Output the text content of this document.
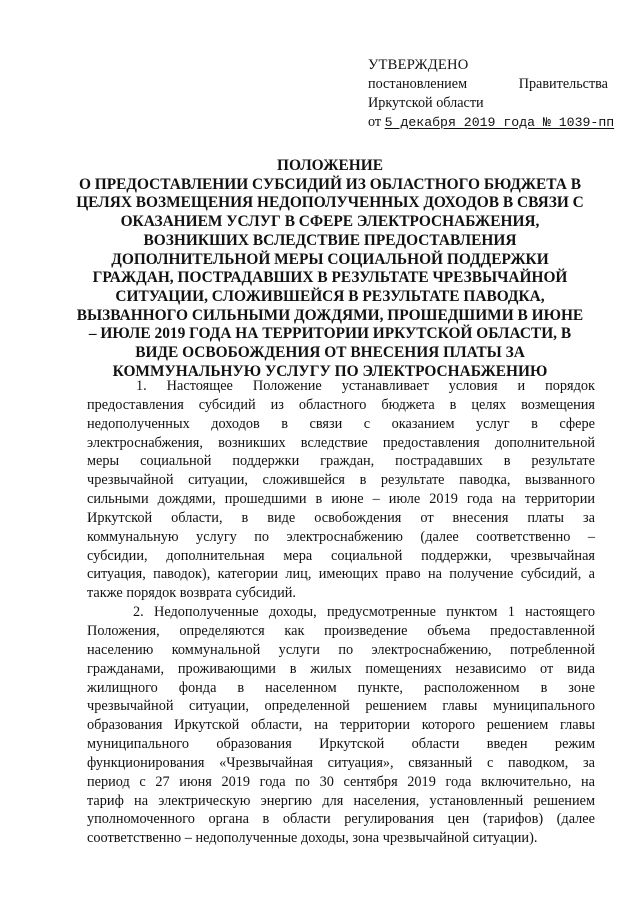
УТВЕРЖДЕНО
постановлением	Правительства
Иркутской области
от 5 декабря 2019 года № 1039-пп
ПОЛОЖЕНИЕ
О ПРЕДОСТАВЛЕНИИ СУБСИДИЙ ИЗ ОБЛАСТНОГО БЮДЖЕТА В
ЦЕЛЯХ ВОЗМЕЩЕНИЯ НЕДОПОЛУЧЕННЫХ ДОХОДОВ В СВЯЗИ С
ОКАЗАНИЕМ УСЛУГ В СФЕРЕ ЭЛЕКТРОСНАБЖЕНИЯ,
ВОЗНИКШИХ ВСЛЕДСТВИЕ ПРЕДОСТАВЛЕНИЯ
ДОПОЛНИТЕЛЬНОЙ МЕРЫ СОЦИАЛЬНОЙ ПОДДЕРЖКИ
ГРАЖДАН, ПОСТРАДАВШИХ В РЕЗУЛЬТАТЕ ЧРЕЗВЫЧАЙНОЙ
СИТУАЦИИ, СЛОЖИВШЕЙСЯ В РЕЗУЛЬТАТЕ ПАВОДКА,
ВЫЗВАННОГО СИЛЬНЫМИ ДОЖДЯМИ, ПРОШЕДШИМИ В ИЮНЕ
– ИЮЛЕ 2019 ГОДА НА ТЕРРИТОРИИ ИРКУТСКОЙ ОБЛАСТИ, В
ВИДЕ ОСВОБОЖДЕНИЯ ОТ ВНЕСЕНИЯ ПЛАТЫ ЗА
КОММУНАЛЬНУЮ УСЛУГУ ПО ЭЛЕКТРОСНАБЖЕНИЮ
1. Настоящее Положение устанавливает условия и порядок
предоставления субсидий из областного бюджета в целях возмещения
недополученных доходов в связи с оказанием услуг в сфере
электроснабжения, возникших вследствие предоставления дополнительной
меры социальной поддержки граждан, пострадавших в результате
чрезвычайной ситуации, сложившейся в результате паводка, вызванного
сильными дождями, прошедшими в июне – июле 2019 года на территории
Иркутской области, в виде освобождения от внесения платы за
коммунальную услугу по электроснабжению (далее соответственно –
субсидии, дополнительная мера социальной поддержки, чрезвычайная
ситуация, паводок), категории лиц, имеющих право на получение субсидий, а
также порядок возврата субсидий.
2. Недополученные доходы, предусмотренные пунктом 1 настоящего
Положения, определяются как произведение объема предоставленной
населению коммунальной услуги по электроснабжению, потребленной
гражданами, проживающими в жилых помещениях независимо от вида
жилищного фонда в населенном пункте, расположенном в зоне
чрезвычайной ситуации, определенной решением главы муниципального
образования Иркутской области, на территории которого решением главы
муниципального образования Иркутской области введен режим
функционирования «Чрезвычайная ситуация», связанный с паводком, за
период с 27 июня 2019 года по 30 сентября 2019 года включительно, на
тариф на электрическую энергию для населения, установленный решением
уполномоченного органа в области регулирования цен (тарифов) (далее
соответственно – недополученные доходы, зона чрезвычайной ситуации).
